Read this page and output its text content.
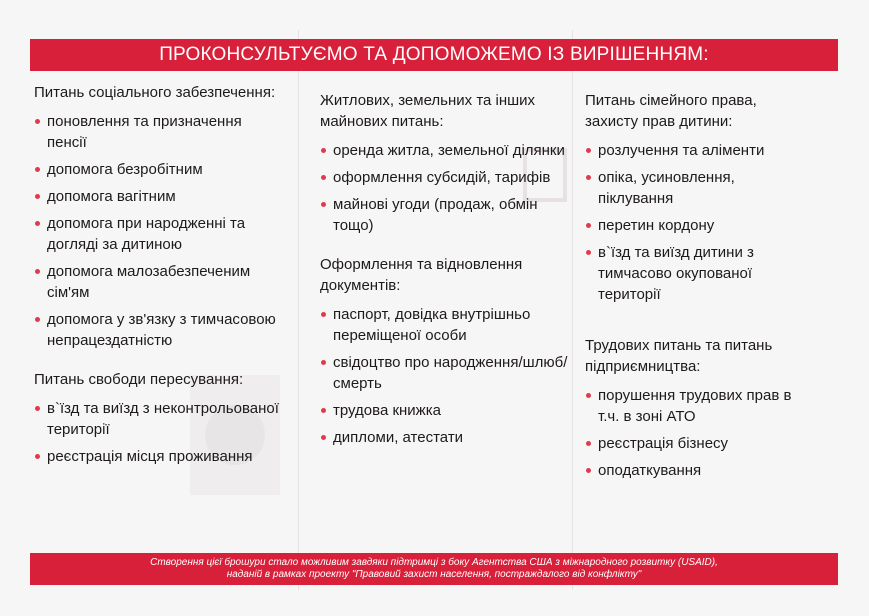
ПРОКОНСУЛЬТУЄМО ТА ДОПОМОЖЕМО ІЗ ВИРІШЕННЯМ:
Питань соціального забезпечення:
поновлення та призначення пенсії
допомога безробітним
допомога вагітним
допомога при народженні та догляді за дитиною
допомога малозабезпеченим сім'ям
допомога у зв'язку з тимчасовою непрацездатністю
Питань свободи пересування:
в`їзд та виїзд з неконтрольованої території
реєстрація місця проживання
Житлових, земельних та інших майнових питань:
оренда житла, земельної ділянки
оформлення субсидій, тарифів
майнові угоди (продаж, обмін тощо)
Оформлення та відновлення документів:
паспорт, довідка внутрішньо переміщеної особи
свідоцтво про народження/шлюб/смерть
трудова книжка
дипломи, атестати
Питань сімейного права, захисту прав дитини:
розлучення та аліменти
опіка, усиновлення, піклування
перетин кордону
в`їзд та виїзд дитини з тимчасово окупованої території
Трудових питань та питань підприємництва:
порушення трудових прав в т.ч. в зоні АТО
реєстрація бізнесу
оподаткування
Створення цієї брошури стало можливим завдяки підтримці з боку Агентства США з міжнародного розвитку (USAID),
наданій в рамках проекту "Правовий захист населення, постраждалого від конфлікту"
